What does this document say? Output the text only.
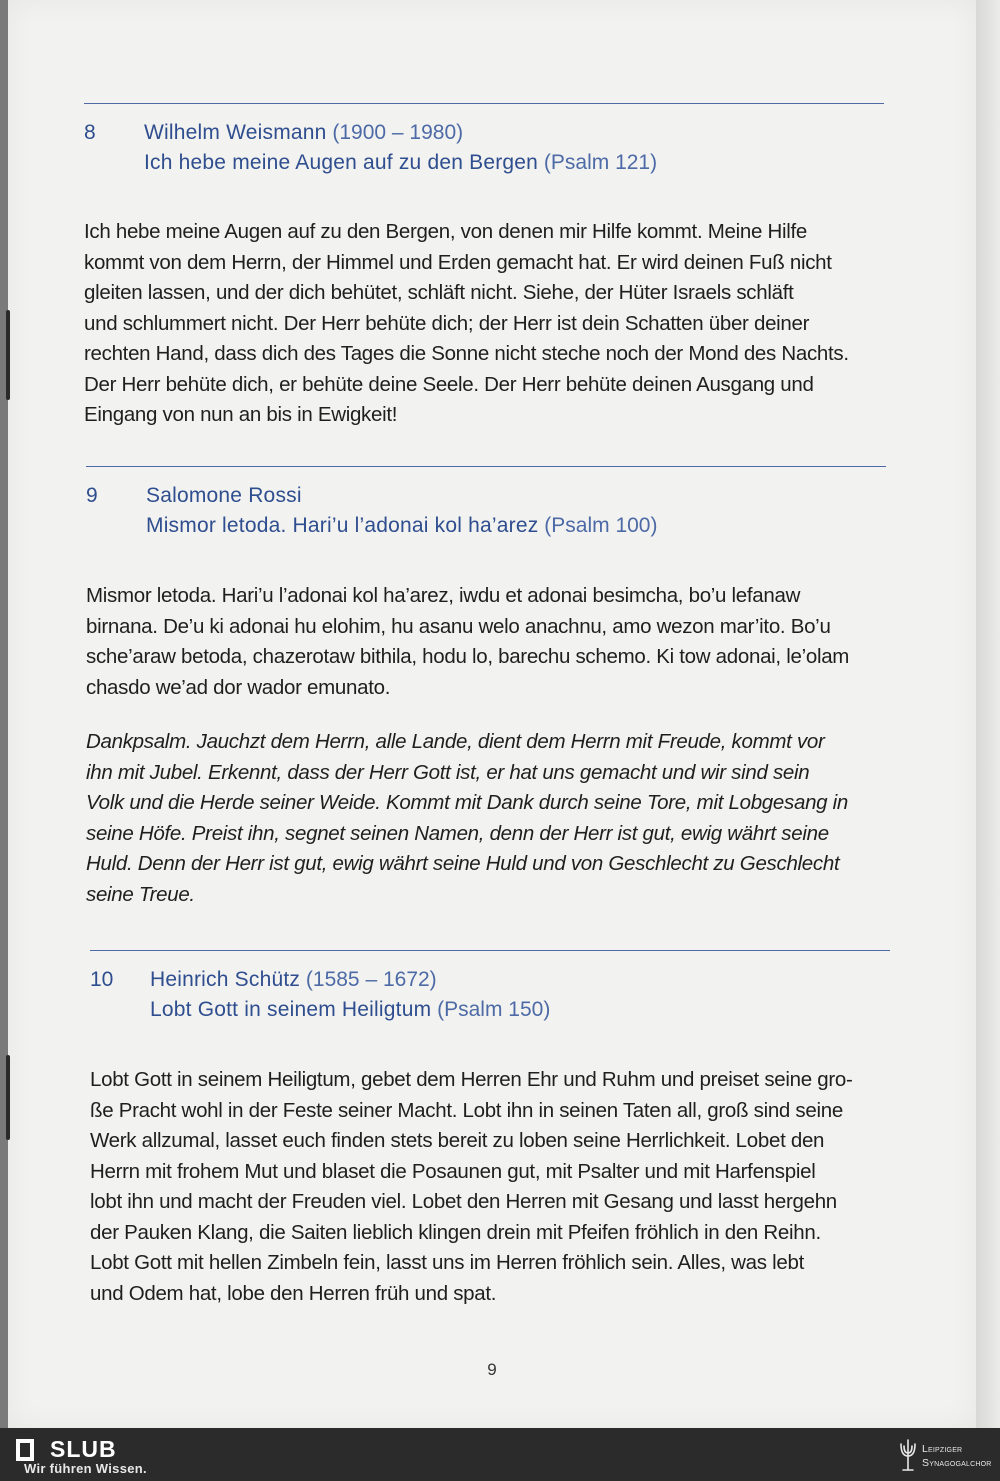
8 Wilhelm Weismann (1900 – 1980)
Ich hebe meine Augen auf zu den Bergen (Psalm 121)
Ich hebe meine Augen auf zu den Bergen, von denen mir Hilfe kommt. Meine Hilfe
kommt von dem Herrn, der Himmel und Erden gemacht hat. Er wird deinen Fuß nicht
gleiten lassen, und der dich behütet, schläft nicht. Siehe, der Hüter Israels schläft
und schlummert nicht. Der Herr behüte dich; der Herr ist dein Schatten über deiner
rechten Hand, dass dich des Tages die Sonne nicht steche noch der Mond des Nachts.
Der Herr behüte dich, er behüte deine Seele. Der Herr behüte deinen Ausgang und
Eingang von nun an bis in Ewigkeit!
9 Salomone Rossi
Mismor letoda. Hari’u l’adonai kol ha’arez (Psalm 100)
Mismor letoda. Hari’u l’adonai kol ha’arez, iwdu et adonai besimcha, bo’u lefanaw
birnana. De’u ki adonai hu elohim, hu asanu welo anachnu, amo wezon mar’ito. Bo’u
sche’araw betoda, chazerotaw bithila, hodu lo, barechu schemo. Ki tow adonai, le’olam
chasdo we’ad dor wador emunato.
Dankpsalm. Jauchzt dem Herrn, alle Lande, dient dem Herrn mit Freude, kommt vor
ihn mit Jubel. Erkennt, dass der Herr Gott ist, er hat uns gemacht und wir sind sein
Volk und die Herde seiner Weide. Kommt mit Dank durch seine Tore, mit Lobgesang in
seine Höfe. Preist ihn, segnet seinen Namen, denn der Herr ist gut, ewig währt seine
Huld. Denn der Herr ist gut, ewig währt seine Huld und von Geschlecht zu Geschlecht
seine Treue.
10 Heinrich Schütz (1585 – 1672)
Lobt Gott in seinem Heiligtum (Psalm 150)
Lobt Gott in seinem Heiligtum, gebet dem Herren Ehr und Ruhm und preiset seine gro-
ße Pracht wohl in der Feste seiner Macht. Lobt ihn in seinen Taten all, groß sind seine
Werk allzumal, lasset euch finden stets bereit zu loben seine Herrlichkeit. Lobet den
Herrn mit frohem Mut und blaset die Posaunen gut, mit Psalter und mit Harfenspiel
lobt ihn und macht der Freuden viel. Lobet den Herren mit Gesang und lasst hergehn
der Pauken Klang, die Saiten lieblich klingen drein mit Pfeifen fröhlich in den Reihn.
Lobt Gott mit hellen Zimbeln fein, lasst uns im Herren fröhlich sein. Alles, was lebt
und Odem hat, lobe den Herren früh und spat.
9
SLUB
Wir führen Wissen.
Leipziger
Synagogalchor
